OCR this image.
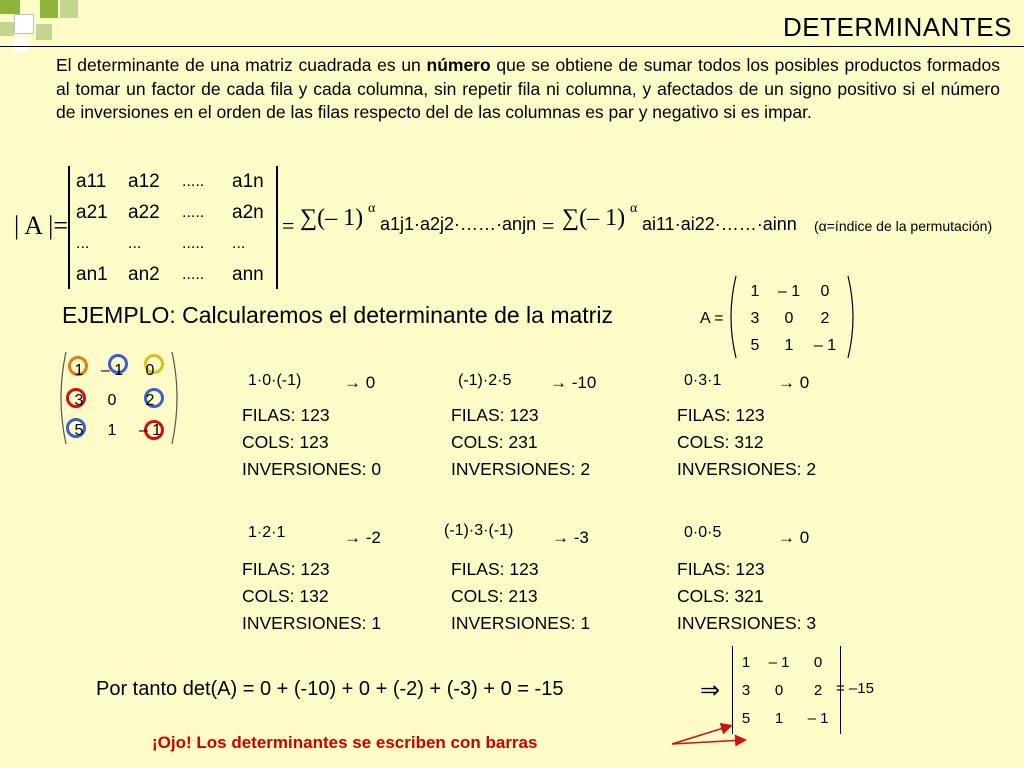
DETERMINANTES
El determinante de una matriz cuadrada es un número que se obtiene de sumar todos los posibles productos formados al tomar un factor de cada fila y cada columna, sin repetir fila ni columna, y afectados de un signo positivo si el número de inversiones en el orden de las filas respecto del de las columnas es par y negativo si es impar.
| A |=
a11	a12	.....	a1n
a21	a22	.....	a2n
...	...	.....	...
an1	an2	.....	ann
= ∑(– 1) α
a1j1·a2j2·……·anjn = ∑(– 1) α
ai11·ai22·……·ainn (α=índice de la permutación)
EJEMPLO: Calcularemos el determinante de la matriz	A =
1	– 1	0
3	0	2
5	1	– 1
1	– 1	0
3	0	2
5	1	– 1
1·0·(-1)	→ 0
FILAS: 123
COLS: 123
INVERSIONES: 0
(-1)·2·5 → -10
FILAS: 123
COLS: 231
INVERSIONES: 2
0·3·1	→ 0
FILAS: 123
COLS: 312
INVERSIONES: 2
1·2·1	→ -2
FILAS: 123
COLS: 132
INVERSIONES: 1
(-1)·3·(-1) → -3
FILAS: 123
COLS: 213
INVERSIONES: 1
0·0·5	→ 0
FILAS: 123
COLS: 321
INVERSIONES: 3
Por tanto det(A) = 0 + (-10) + 0 + (-2) + (-3) + 0 = -15	⇒
1	– 1	0
3	0	2
5	1	– 1
= –15
¡Ojo! Los determinantes se escriben con barras
